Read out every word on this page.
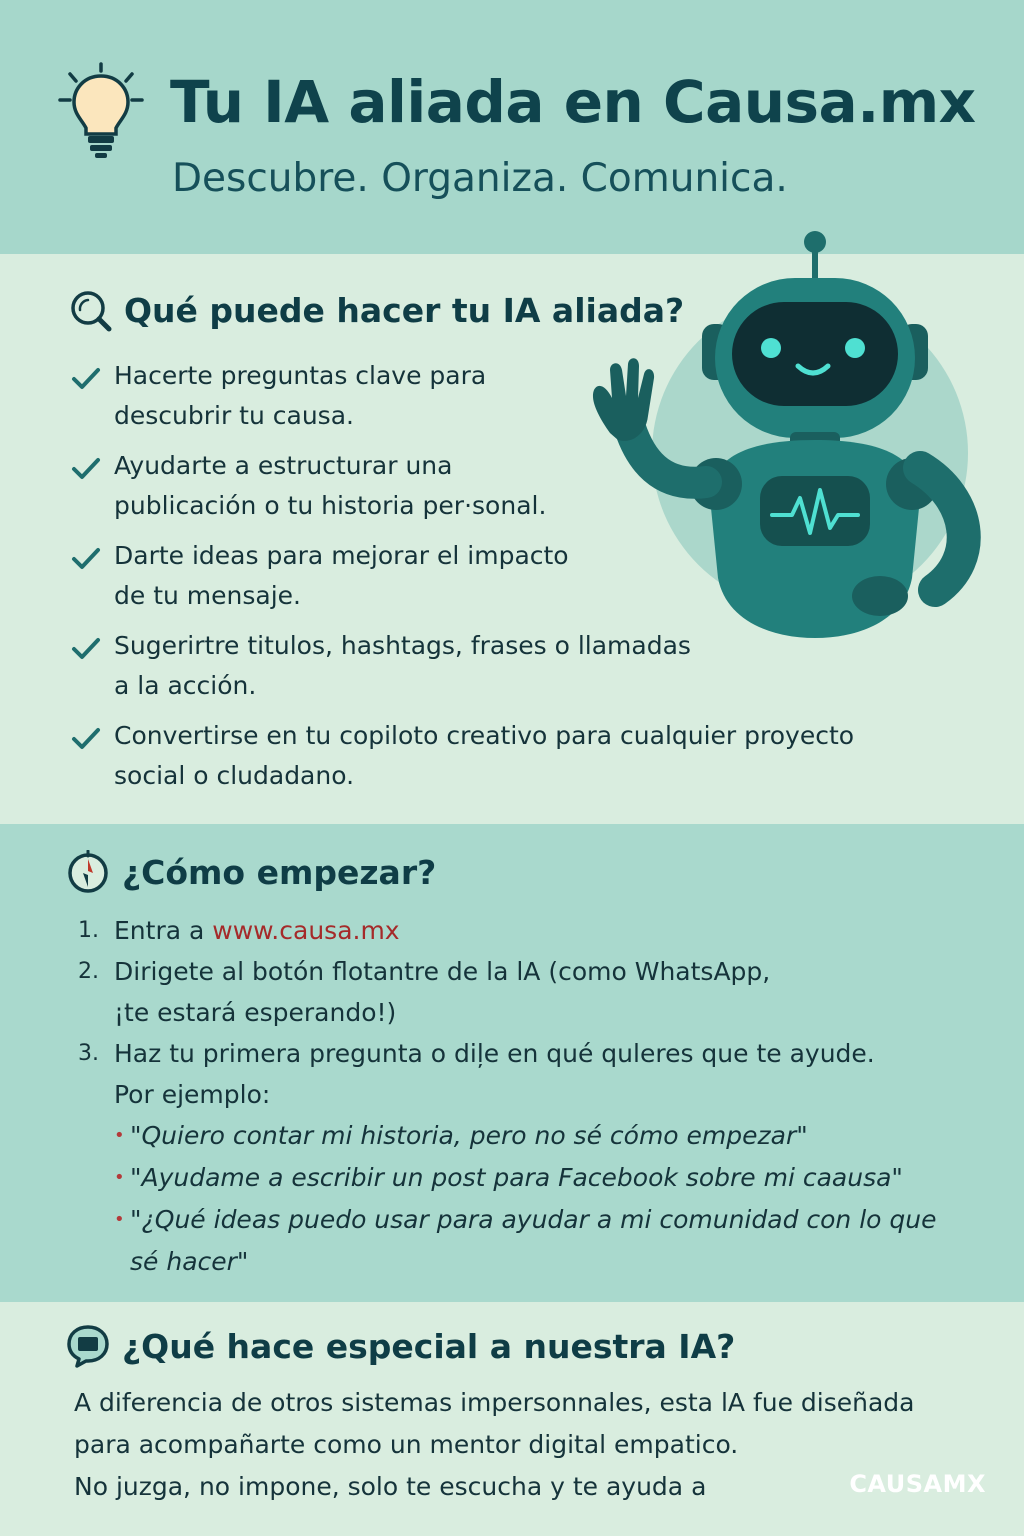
Tu IA aliada en Causa.mx
Descubre. Organiza. Comunica.
Qué puede hacer tu IA aliada?
Hacerte preguntas clave para
descubrir tu causa.
Ayudarte a estructurar una
publicación o tu historia per·sonal.
Darte ideas para mejorar el impacto
de tu mensaje.
Sugerirtre titulos, hashtags, frases o llamadas
a la acción.
Convertirse en tu copiloto creativo para cualquier proyecto
social o cludadano.
¿Cómo empezar?
1. Entra a www.causa.mx
2. Dirigete al botón flotantre de la lA (como WhatsApp,
¡te estará esperando!)
3. Haz tu primera pregunta o diļe en qué quleres que te ayude.
Por ejemplo:
• "Quiero contar mi historia, pero no sé cómo empezar"
• "Ayudame a escribir un post para Facebook sobre mi caausa"
• "¿Qué ideas puedo usar para ayudar a mi comunidad con lo que
sé hacer"
¿Qué hace especial a nuestra IA?
A diferencia de otros sistemas impersonnales, esta lA fue diseñada
para acompañarte como un mentor digital empatico.
No juzga, no impone, solo te escucha y te ayuda a	CAUSAMX
